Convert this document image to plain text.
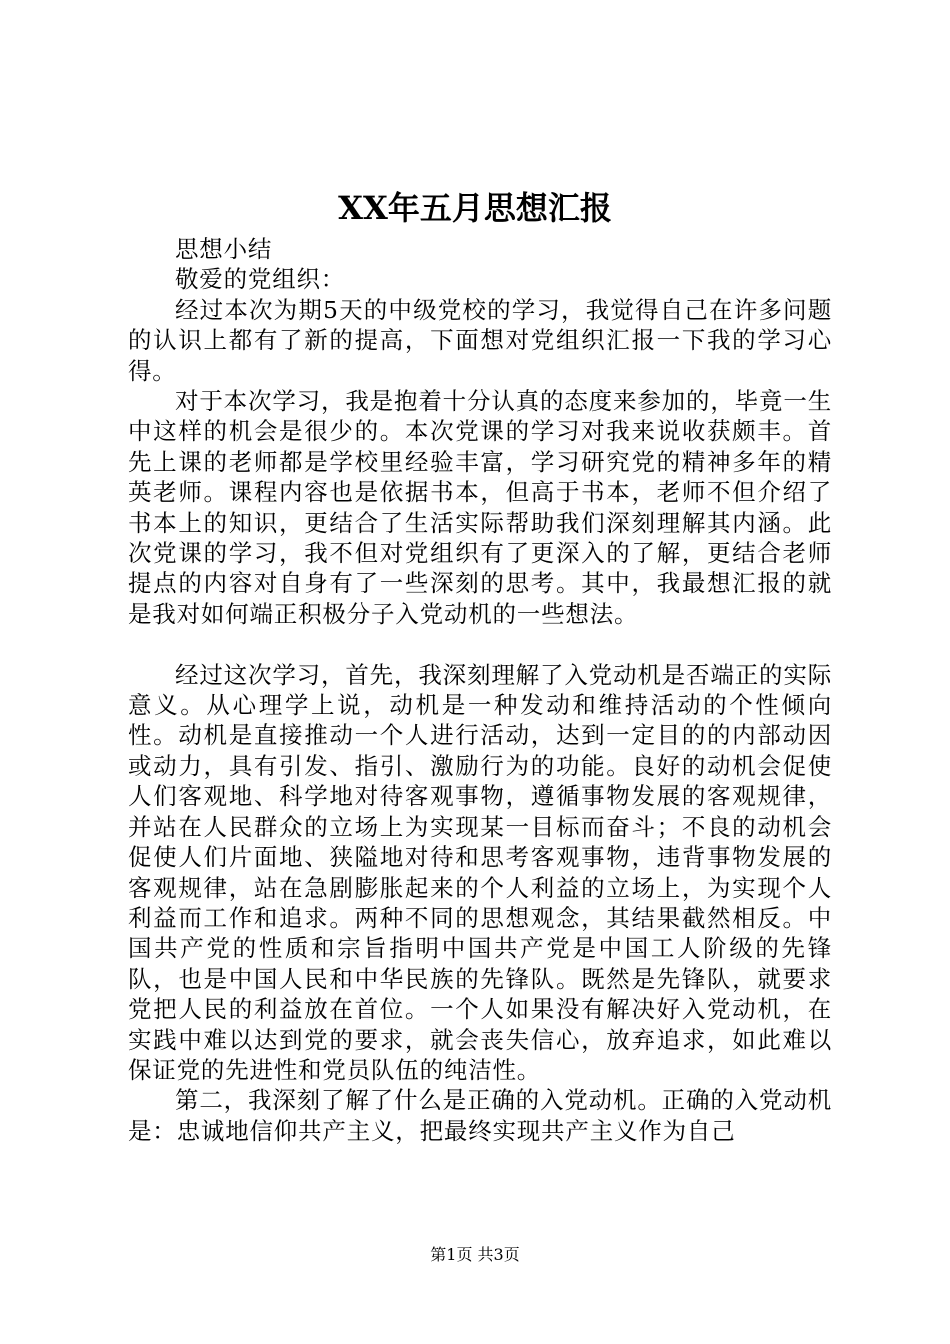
XX年五月思想汇报

思想小结

敬爱的党组织：

经过本次为期5天的中级党校的学习，我觉得自己在许多问题的认识上都有了新的提高，下面想对党组织汇报一下我的学习心得。

对于本次学习，我是抱着十分认真的态度来参加的，毕竟一生中这样的机会是很少的。本次党课的学习对我来说收获颇丰。首先上课的老师都是学校里经验丰富，学习研究党的精神多年的精英老师。课程内容也是依据书本，但高于书本，老师不但介绍了书本上的知识，更结合了生活实际帮助我们深刻理解其内涵。此次党课的学习，我不但对党组织有了更深入的了解，更结合老师提点的内容对自身有了一些深刻的思考。其中，我最想汇报的就是我对如何端正积极分子入党动机的一些想法。

经过这次学习，首先，我深刻理解了入党动机是否端正的实际意义。从心理学上说，动机是一种发动和维持活动的个性倾向性。动机是直接推动一个人进行活动，达到一定目的的内部动因或动力，具有引发、指引、激励行为的功能。良好的动机会促使人们客观地、科学地对待客观事物，遵循事物发展的客观规律，并站在人民群众的立场上为实现某一目标而奋斗；不良的动机会促使人们片面地、狭隘地对待和思考客观事物，违背事物发展的客观规律，站在急剧膨胀起来的个人利益的立场上，为实现个人利益而工作和追求。两种不同的思想观念，其结果截然相反。中国共产党的性质和宗旨指明中国共产党是中国工人阶级的先锋队，也是中国人民和中华民族的先锋队。既然是先锋队，就要求党把人民的利益放在首位。一个人如果没有解决好入党动机，在实践中难以达到党的要求，就会丧失信心，放弃追求，如此难以保证党的先进性和党员队伍的纯洁性。

第二，我深刻了解了什么是正确的入党动机。正确的入党动机是：忠诚地信仰共产主义，把最终实现共产主义作为自己

第1页 共3页
